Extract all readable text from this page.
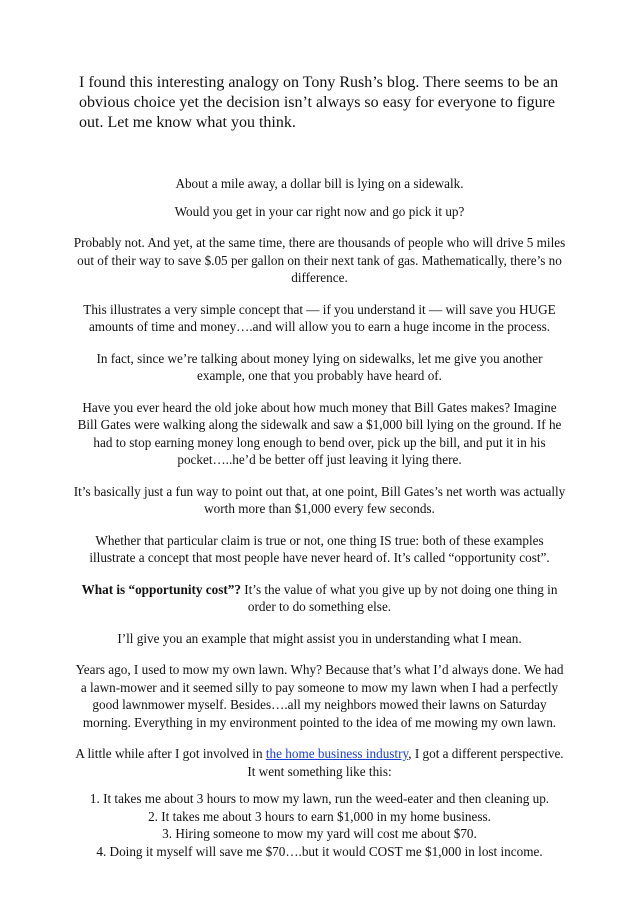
I found this interesting analogy on Tony Rush’s blog. There seems to be an obvious choice yet the decision isn’t always so easy for everyone to figure out. Let me know what you think.

About a mile away, a dollar bill is lying on a sidewalk.

Would you get in your car right now and go pick it up?

Probably not. And yet, at the same time, there are thousands of people who will drive 5 miles out of their way to save $.05 per gallon on their next tank of gas. Mathematically, there’s no difference.

This illustrates a very simple concept that — if you understand it — will save you HUGE amounts of time and money….and will allow you to earn a huge income in the process.

In fact, since we’re talking about money lying on sidewalks, let me give you another example, one that you probably have heard of.

Have you ever heard the old joke about how much money that Bill Gates makes? Imagine Bill Gates were walking along the sidewalk and saw a $1,000 bill lying on the ground. If he had to stop earning money long enough to bend over, pick up the bill, and put it in his pocket…..he’d be better off just leaving it lying there.

It’s basically just a fun way to point out that, at one point, Bill Gates’s net worth was actually worth more than $1,000 every few seconds.

Whether that particular claim is true or not, one thing IS true: both of these examples illustrate a concept that most people have never heard of. It’s called “opportunity cost”.

What is “opportunity cost”? It’s the value of what you give up by not doing one thing in order to do something else.

I’ll give you an example that might assist you in understanding what I mean.

Years ago, I used to mow my own lawn. Why? Because that’s what I’d always done. We had a lawn-mower and it seemed silly to pay someone to mow my lawn when I had a perfectly good lawnmower myself. Besides….all my neighbors mowed their lawns on Saturday morning. Everything in my environment pointed to the idea of me mowing my own lawn.

A little while after I got involved in the home business industry, I got a different perspective. It went something like this:

1. It takes me about 3 hours to mow my lawn, run the weed-eater and then cleaning up.
2. It takes me about 3 hours to earn $1,000 in my home business.
3. Hiring someone to mow my yard will cost me about $70.
4. Doing it myself will save me $70….but it would COST me $1,000 in lost income.
